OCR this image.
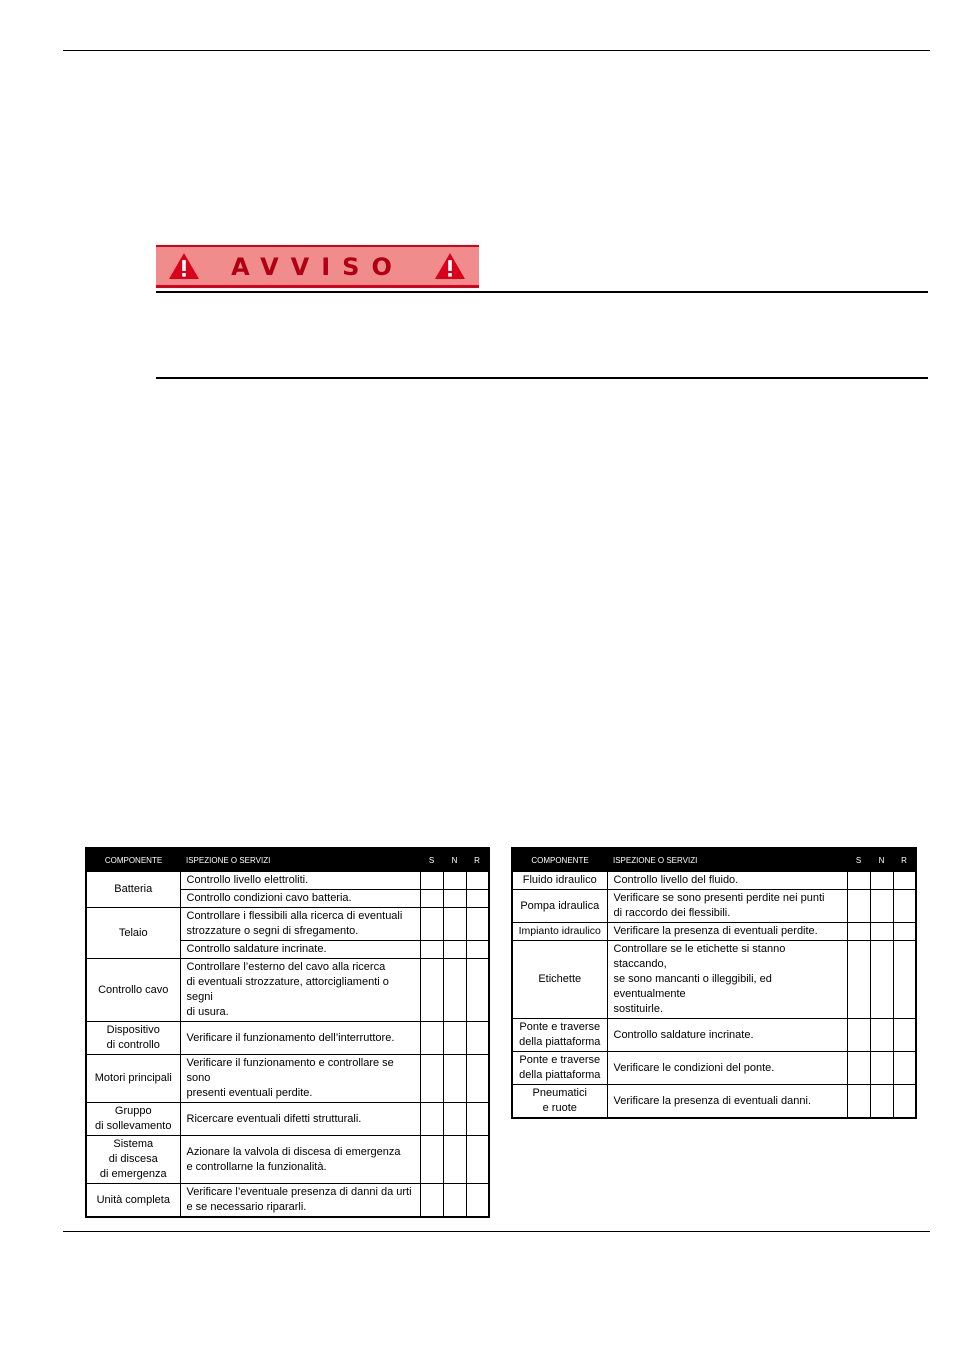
AVVISO
COMPONENTE	ISPEZIONE O SERVIZI	S	N	R
Batteria	Controllo livello elettroliti.			
	Controllo condizioni cavo batteria.			
Telaio	Controllare i flessibili alla ricerca di eventuali
strozzature o segni di sfregamento.			
	Controllo saldature incrinate.			
Controllo cavo	Controllare l’esterno del cavo alla ricerca
di eventuali strozzature, attorcigliamenti o segni
di usura.			
Dispositivo
di controllo	Verificare il funzionamento dell’interruttore.			
Motori principali	Verificare il funzionamento e controllare se sono
presenti eventuali perdite.			
Gruppo
di sollevamento	Ricercare eventuali difetti strutturali.			
Sistema
di discesa
di emergenza	Azionare la valvola di discesa di emergenza
e controllarne la funzionalità.			
Unità completa	Verificare l’eventuale presenza di danni da urti
e se necessario ripararli.			
COMPONENTE	ISPEZIONE O SERVIZI	S	N	R
Fluido idraulico	Controllo livello del fluido.			
Pompa idraulica	Verificare se sono presenti perdite nei punti
di raccordo dei flessibili.			
Impianto idraulico	Verificare la presenza di eventuali perdite.			
Etichette	Controllare se le etichette si stanno staccando,
se sono mancanti o illeggibili, ed eventualmente
sostituirle.			
Ponte e traverse
della piattaforma	Controllo saldature incrinate.			
Ponte e traverse
della piattaforma	Verificare le condizioni del ponte.			
Pneumatici
e ruote	Verificare la presenza di eventuali danni.			
